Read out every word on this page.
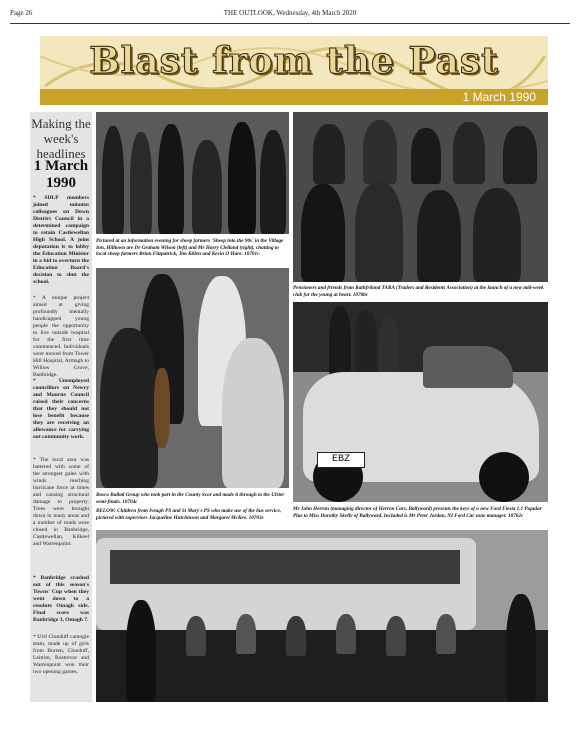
Page 26	THE OUTLOOK, Wednesday, 4th March 2020
Blast from the Past
1 March 1990
Making the week's headlines
1 March 1990
* SDLP members joined unionist colleagues on Down District Council in a determined campaign to retain Castlewellan High School. A joint deputation is to lobby the Education Minister in a bid to overturn the Education Board's decision to shut the school.
* A unique project aimed at giving profoundly mentally handicapped young people the opportunity to live outside hospital for the first time commenced. Individuals were moved from Tower Hill Hospital, Armagh to Willow Grove, Banbridge.
* Unemployed councillors on Newry and Mourne Council raised their concerns that they should not lose benefit because they are receiving an allowance for carrying out community work.
* The local area was battered with some of the strongest gales with winds reaching hurricane force at times and causing structural damage to property. Trees were brought down in many areas and a number of roads were closed in Banbridge, Castlewellan, Kilkeel and Warrenpoint.
* Banbridge crashed out of this season's Towns' Cup when they went down to a resolute Omagh side. Final score was Banbridge 3, Omagh 7.
* U18 Clonduff camogie team, made up of girls from Burren, Clonduff, Leitrim, Rostrevor and Warrenpoint won their two opening games.
Pictured at an information evening for sheep farmers 'Sheep into the 90s' in the Village Inn, Hilltown are Dr Graham Wilson (left) and Mr Harry Clelland (right), chatting to local sheep farmers Brian Fitzpatrick, Jim Killen and Kevin O'Hare. 10701c
Pensioners and friends from Rathfriland TARA (Traders and Residents Association) at the launch of a new mid-week club for the young at heart. 10706c
Bosco Ballad Group who took part in the County Scor and made it through to the Ulster semi-finals. 10704c
BELOW: Children from Iveagh PS and St Mary's PS who make use of the bus service, pictured with superviors Jacqueline Hutchinson and Margaret McKee. 10703c
EBZ 5264
Mr John Herron (managing director of Herron Cars, Ballyward) presents the keys of a new Ford Fiesta 1.1 Popular Plus to Miss Dorothy Skelly of Ballyward. Included is Mr Peter Jordan, NI Ford Car zone manager. 10702c
